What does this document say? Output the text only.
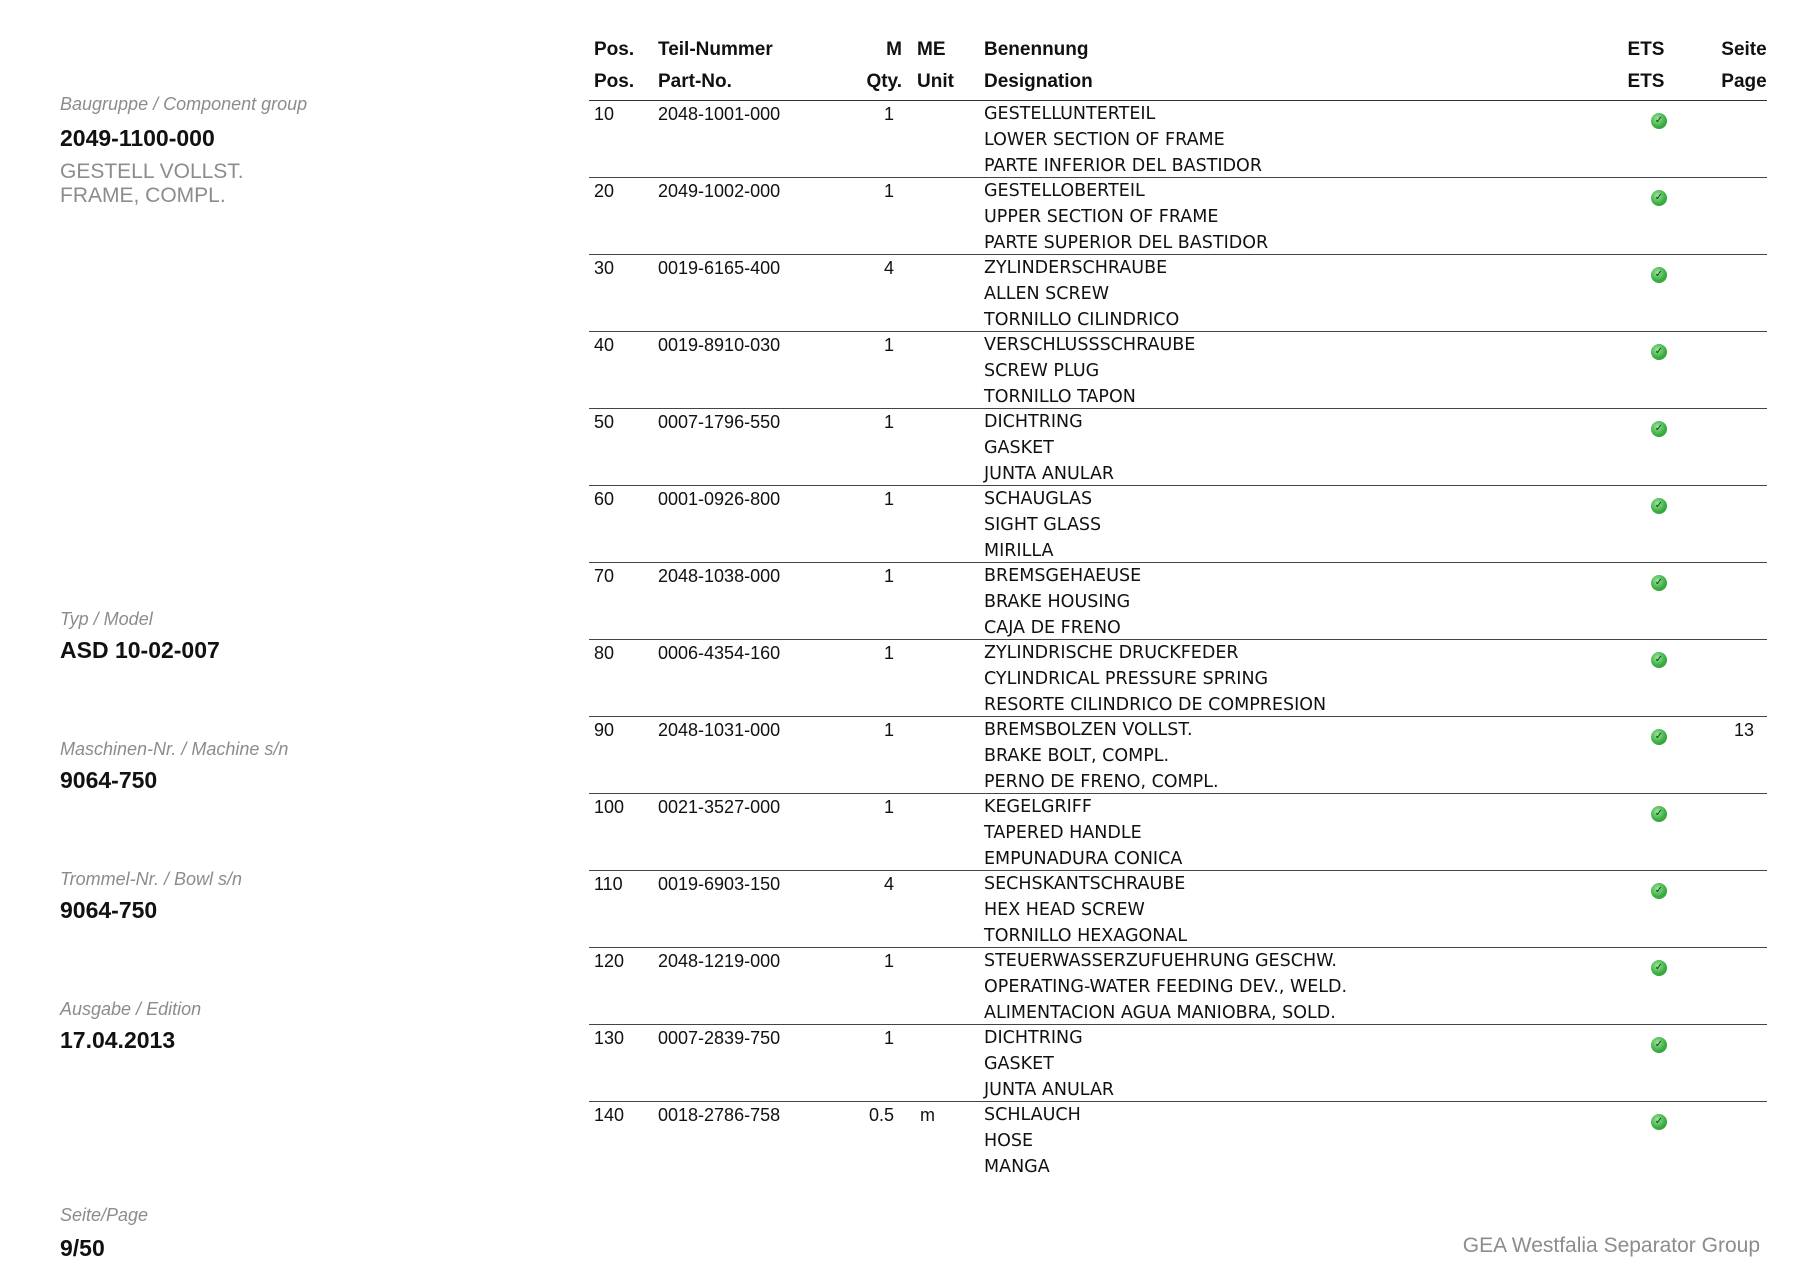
Baugruppe / Component group
2049-1100-000
GESTELL VOLLST.
FRAME, COMPL.
Typ / Model
ASD 10-02-007
Maschinen-Nr. / Machine s/n
9064-750
Trommel-Nr. / Bowl s/n
9064-750
Ausgabe / Edition
17.04.2013
Seite/Page
9/50	GEA Westfalia Separator Group
Pos. Teil-Nummer	M ME Benennung	ETS	Seite
Pos. Part-No.	Qty. Unit Designation	ETS	Page
10 2048-1001-000	1	GESTELLUNTERTEIL
LOWER SECTION OF FRAME
PARTE INFERIOR DEL BASTIDOR
✓
20 2049-1002-000	1	GESTELLOBERTEIL
UPPER SECTION OF FRAME
PARTE SUPERIOR DEL BASTIDOR
✓
30 0019-6165-400	4	ZYLINDERSCHRAUBE
ALLEN SCREW
TORNILLO CILINDRICO
✓
40 0019-8910-030	1	VERSCHLUSSSCHRAUBE
SCREW PLUG
TORNILLO TAPON
✓
50 0007-1796-550	1	DICHTRING
GASKET
JUNTA ANULAR
✓
60 0001-0926-800	1	SCHAUGLAS
SIGHT GLASS
MIRILLA
✓
70 2048-1038-000	1	BREMSGEHAEUSE
BRAKE HOUSING
CAJA DE FRENO
✓
80 0006-4354-160	1	ZYLINDRISCHE DRUCKFEDER
CYLINDRICAL PRESSURE SPRING
RESORTE CILINDRICO DE COMPRESION
✓
90 2048-1031-000	1	BREMSBOLZEN VOLLST.
BRAKE BOLT, COMPL.
PERNO DE FRENO, COMPL.
✓	13
100 0021-3527-000	1	KEGELGRIFF
TAPERED HANDLE
EMPUNADURA CONICA
✓
110 0019-6903-150	4	SECHSKANTSCHRAUBE
HEX HEAD SCREW
TORNILLO HEXAGONAL
✓
120 2048-1219-000	1	STEUERWASSERZUFUEHRUNG GESCHW.
OPERATING-WATER FEEDING DEV., WELD.
ALIMENTACION AGUA MANIOBRA, SOLD.
✓
130 0007-2839-750	1	DICHTRING
GASKET
JUNTA ANULAR
✓
140 0018-2786-758	0.5 m	SCHLAUCH
HOSE
MANGA
✓
